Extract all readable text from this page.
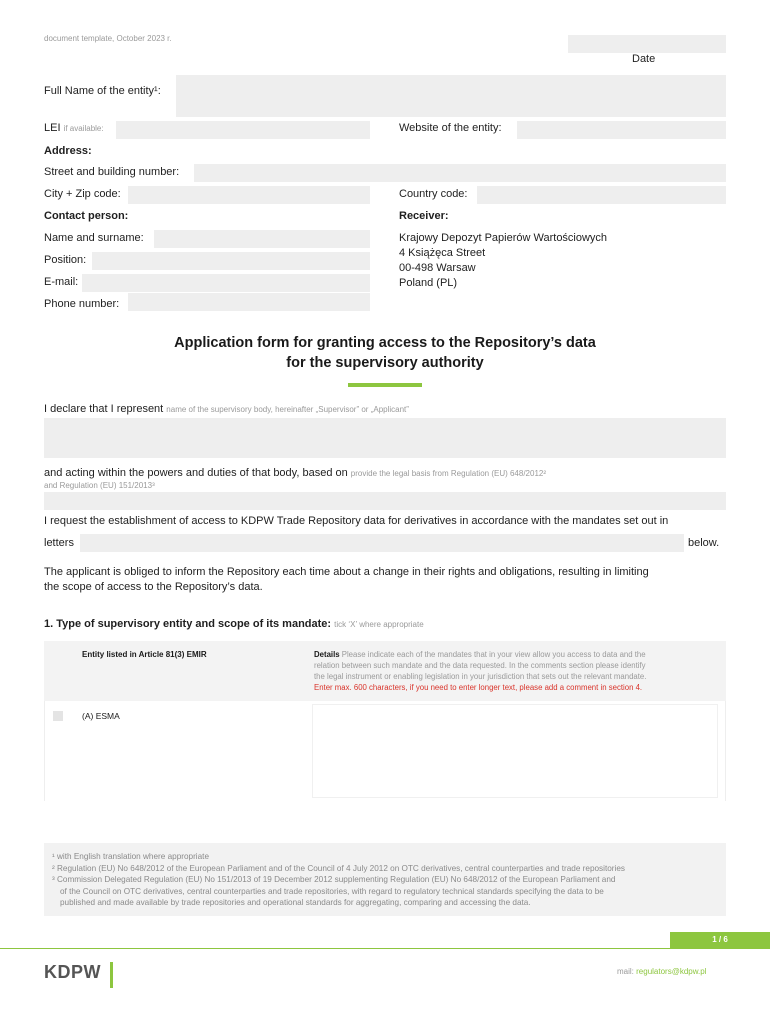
document template, October 2023 r.
Date
Full Name of the entity¹:
LEI if available:	Website of the entity:
Address:
Street and building number:
City + Zip code:	Country code:
Contact person:
Name and surname:
Position:
E-mail:
Phone number:
Receiver:
Krajowy Depozyt Papierów Wartościowych
4 Książęca Street
00-498 Warsaw
Poland (PL)
Application form for granting access to the Repository’s data
for the supervisory authority
I declare that I represent name of the supervisory body, hereinafter „Supervisor” or „Applicant”
and acting within the powers and duties of that body, based on provide the legal basis from Regulation (EU) 648/2012²
and Regulation (EU) 151/2013³
I request the establishment of access to KDPW Trade Repository data for derivatives in accordance with the mandates set out in
letters	below.
The applicant is obliged to inform the Repository each time about a change in their rights and obligations, resulting in limiting
the scope of access to the Repository’s data.
1. Type of supervisory entity and scope of its mandate: tick ‘X’ where appropriate
Entity listed in Article 81(3) EMIR	Details Please indicate each of the mandates that in your view allow you access to data and the
relation between such mandate and the data requested. In the comments section please identify
the legal instrument or enabling legislation in your jurisdiction that sets out the relevant mandate.
Enter max. 600 characters, if you need to enter longer text, please add a comment in section 4.
(A) ESMA
¹ with English translation where appropriate
² Regulation (EU) No 648/2012 of the European Parliament and of the Council of 4 July 2012 on OTC derivatives, central counterparties and trade repositories
³ Commission Delegated Regulation (EU) No 151/2013 of 19 December 2012 supplementing Regulation (EU) No 648/2012 of the European Parliament and
of the Council on OTC derivatives, central counterparties and trade repositories, with regard to regulatory technical standards specifying the data to be
published and made available by trade repositories and operational standards for aggregating, comparing and accessing the data.
1 / 6
KDPW	mail: regulators@kdpw.pl
